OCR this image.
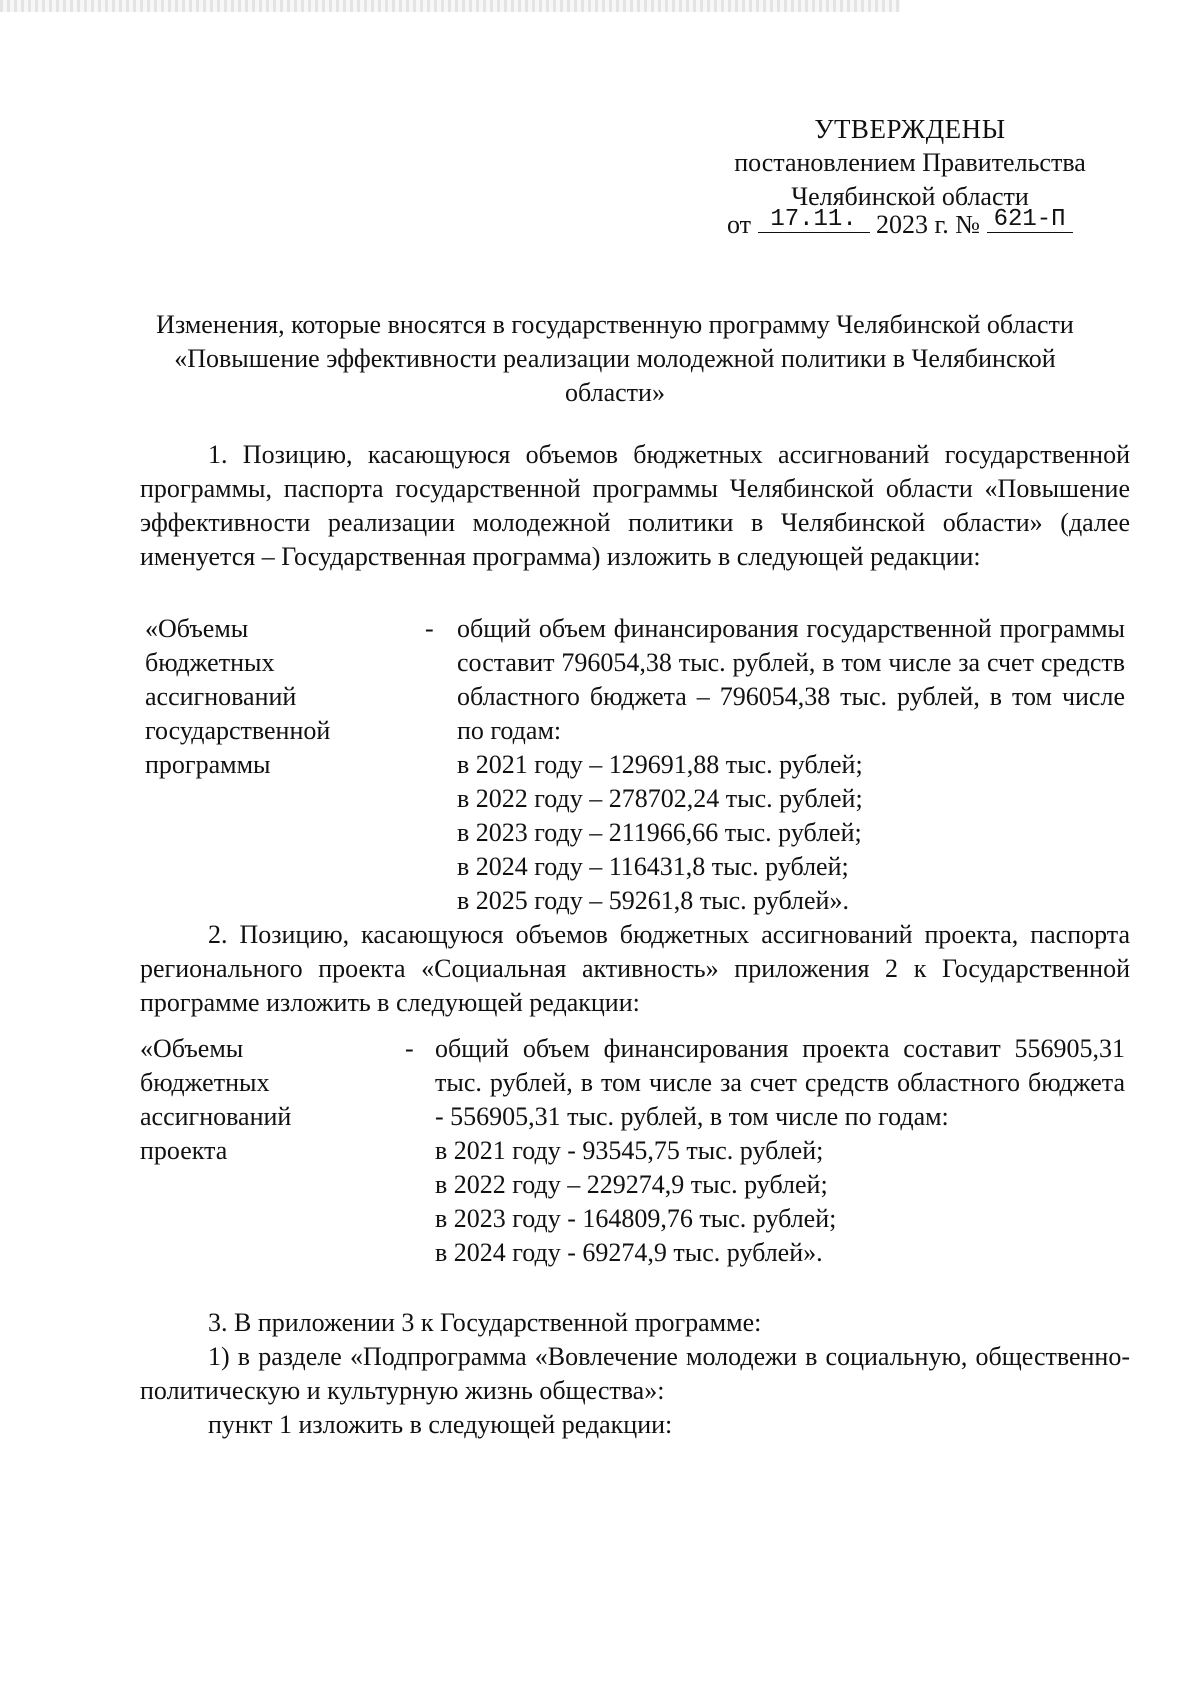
УТВЕРЖДЕНЫ
постановлением Правительства
Челябинской области
от 17.11. 2023 г. № 621-П
Изменения, которые вносятся в государственную программу Челябинской области «Повышение эффективности реализации молодежной политики в Челябинской области»

1. Позицию, касающуюся объемов бюджетных ассигнований государственной программы, паспорта государственной программы Челябинской области «Повышение эффективности реализации молодежной политики в Челябинской области» (далее именуется – Государственная программа) изложить в следующей редакции:

«Объемы
бюджетных
ассигнований
государственной
программы
- общий объем финансирования государственной программы составит 796054,38 тыс. рублей, в том числе за счет средств областного бюджета – 796054,38 тыс. рублей, в том числе по годам:

в 2021 году – 129691,88 тыс. рублей;

в 2022 году – 278702,24 тыс. рублей;

в 2023 году – 211966,66 тыс. рублей;

в 2024 году – 116431,8 тыс. рублей;

в 2025 году – 59261,8 тыс. рублей».

2. Позицию, касающуюся объемов бюджетных ассигнований проекта, паспорта регионального проекта «Социальная активность» приложения 2 к Государственной программе изложить в следующей редакции:

«Объемы
бюджетных
ассигнований
проекта
- общий объем финансирования проекта составит 556905,31 тыс. рублей, в том числе за счет средств областного бюджета - 556905,31 тыс. рублей, в том числе по годам:

в 2021 году - 93545,75 тыс. рублей;

в 2022 году – 229274,9 тыс. рублей;

в 2023 году - 164809,76 тыс. рублей;

в 2024 году - 69274,9 тыс. рублей».

3. В приложении 3 к Государственной программе:

1) в разделе «Подпрограмма «Вовлечение молодежи в социальную, общественно-политическую и культурную жизнь общества»:

пункт 1 изложить в следующей редакции:
